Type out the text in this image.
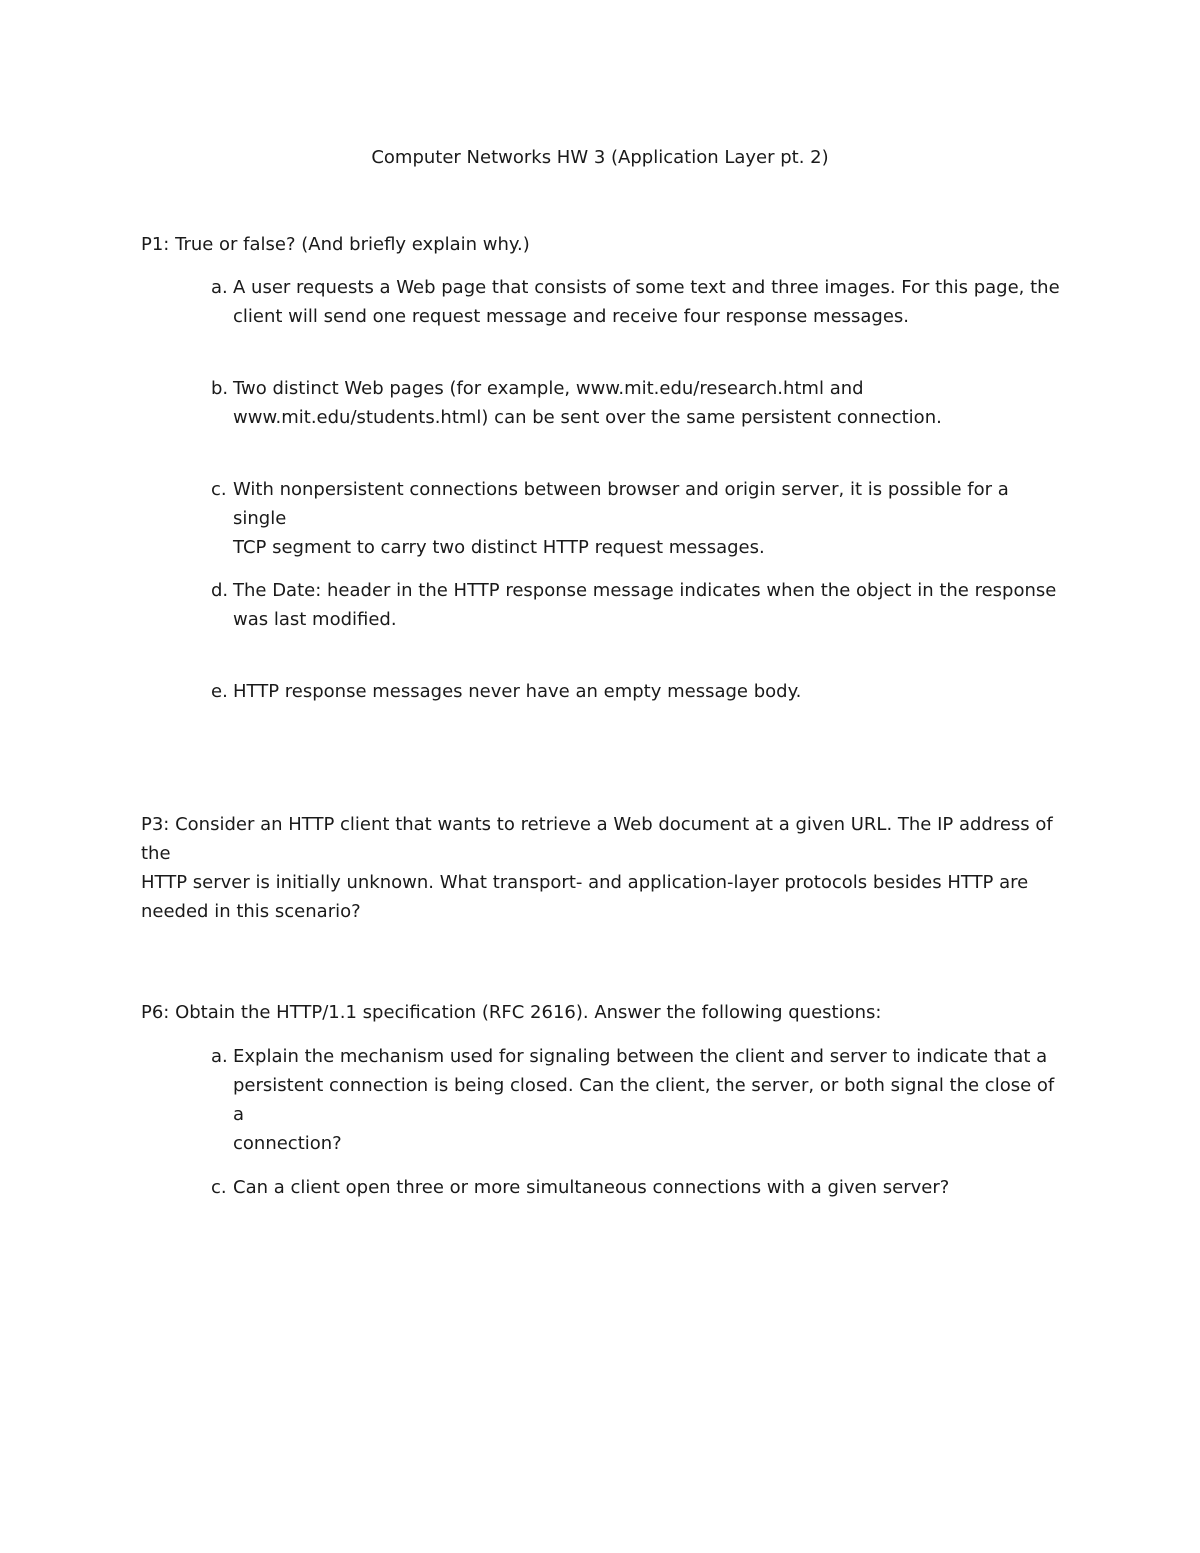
Computer Networks HW 3 (Application Layer pt. 2)

P1: True or false? (And briefly explain why.)

a. A user requests a Web page that consists of some text and three images. For this page, the
client will send one request message and receive four response messages.
b. Two distinct Web pages (for example, www.mit.edu/research.html and
www.mit.edu/students.html) can be sent over the same persistent connection.
c. With nonpersistent connections between browser and origin server, it is possible for a single
TCP segment to carry two distinct HTTP request messages.
d. The Date: header in the HTTP response message indicates when the object in the response
was last modified.
e. HTTP response messages never have an empty message body.

P3: Consider an HTTP client that wants to retrieve a Web document at a given URL. The IP address of the
HTTP server is initially unknown. What transport- and application-layer protocols besides HTTP are
needed in this scenario?

P6: Obtain the HTTP/1.1 specification (RFC 2616). Answer the following questions:

a. Explain the mechanism used for signaling between the client and server to indicate that a
persistent connection is being closed. Can the client, the server, or both signal the close of a
connection?
c. Can a client open three or more simultaneous connections with a given server?
